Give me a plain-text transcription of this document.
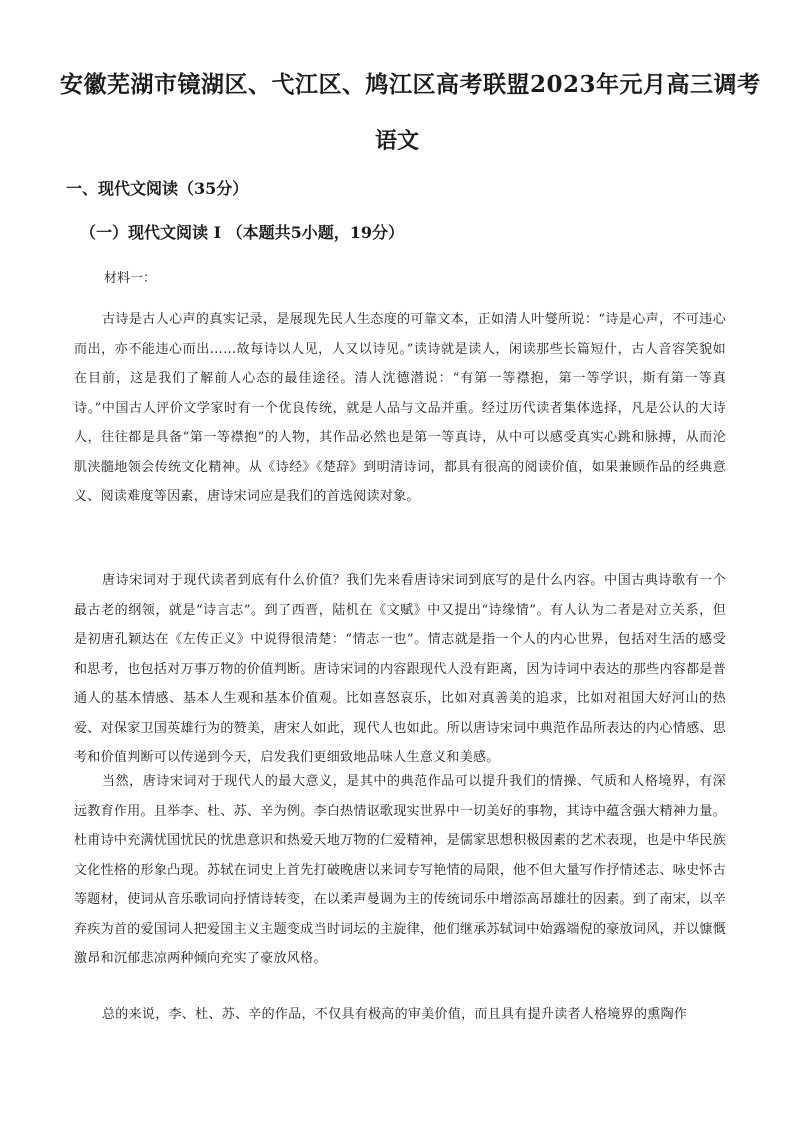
安徽芜湖市镜湖区、弋江区、鸠江区高考联盟2023年元月高三调考
语文
一、现代文阅读（35分）
（一）现代文阅读 I （本题共5小题，19分）
材料一：

古诗是古人心声的真实记录，是展现先民人生态度的可靠文本，正如清人叶燮所说：“诗是心声，不可违心而出，亦不能违心而出……故每诗以人见，人又以诗见。”读诗就是读人，闲读那些长篇短什，古人音容笑貌如在目前，这是我们了解前人心态的最佳途径。清人沈德潜说：“有第一等襟抱，第一等学识，斯有第一等真诗。”中国古人评价文学家时有一个优良传统，就是人品与文品并重。经过历代读者集体选择，凡是公认的大诗人，往往都是具备“第一等襟抱”的人物，其作品必然也是第一等真诗，从中可以感受真实心跳和脉搏，从而沦肌浃髓地领会传统文化精神。从《诗经》《楚辞》到明清诗词，都具有很高的阅读价值，如果兼顾作品的经典意义、阅读难度等因素，唐诗宋词应是我们的首选阅读对象。

唐诗宋词对于现代读者到底有什么价值？我们先来看唐诗宋词到底写的是什么内容。中国古典诗歌有一个最古老的纲领，就是“诗言志”。到了西晋，陆机在《文赋》中又提出“诗缘情”。有人认为二者是对立关系，但是初唐孔颖达在《左传正义》中说得很清楚：“情志一也”。情志就是指一个人的内心世界，包括对生活的感受和思考，也包括对万事万物的价值判断。唐诗宋词的内容跟现代人没有距离，因为诗词中表达的那些内容都是普通人的基本情感、基本人生观和基本价值观。比如喜怒哀乐，比如对真善美的追求，比如对祖国大好河山的热爱、对保家卫国英雄行为的赞美，唐宋人如此，现代人也如此。所以唐诗宋词中典范作品所表达的内心情感、思考和价值判断可以传递到今天，启发我们更细致地品味人生意义和美感。

当然，唐诗宋词对于现代人的最大意义，是其中的典范作品可以提升我们的情操、气质和人格境界，有深远教育作用。且举李、杜、苏、辛为例。李白热情讴歌现实世界中一切美好的事物，其诗中蕴含强大精神力量。杜甫诗中充满忧国忧民的忧患意识和热爱天地万物的仁爱精神，是儒家思想积极因素的艺术表现，也是中华民族文化性格的形象凸现。苏轼在词史上首先打破晚唐以来词专写艳情的局限，他不但大量写作抒情述志、咏史怀古等题材，使词从音乐歌词向抒情诗转变，在以柔声曼调为主的传统词乐中增添高昂雄壮的因素。到了南宋，以辛弃疾为首的爱国词人把爱国主义主题变成当时词坛的主旋律，他们继承苏轼词中始露端倪的豪放词风，并以慷慨激昂和沉郁悲凉两种倾向充实了豪放风格。

总的来说，李、杜、苏、辛的作品，不仅具有极高的审美价值，而且具有提升读者人格境界的熏陶作
